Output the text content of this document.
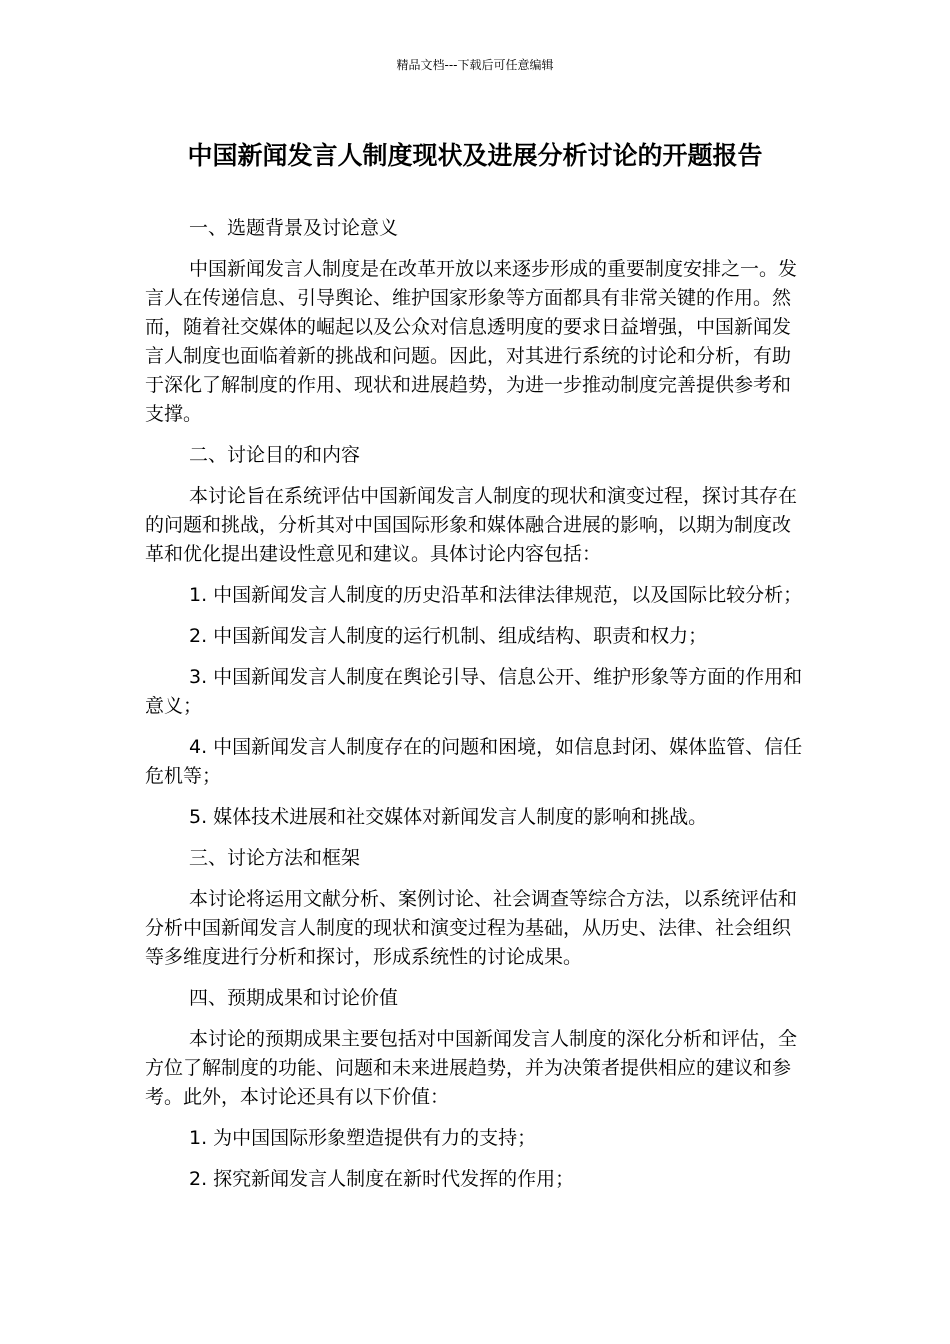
精品文档---下载后可任意编辑
中国新闻发言人制度现状及进展分析讨论的开题报告

一、选题背景及讨论意义

中国新闻发言人制度是在改革开放以来逐步形成的重要制度安排之一。发言人在传递信息、引导舆论、维护国家形象等方面都具有非常关键的作用。然而，随着社交媒体的崛起以及公众对信息透明度的要求日益增强，中国新闻发言人制度也面临着新的挑战和问题。因此，对其进行系统的讨论和分析，有助于深化了解制度的作用、现状和进展趋势，为进一步推动制度完善提供参考和支撑。

二、讨论目的和内容

本讨论旨在系统评估中国新闻发言人制度的现状和演变过程，探讨其存在的问题和挑战，分析其对中国国际形象和媒体融合进展的影响，以期为制度改革和优化提出建设性意见和建议。具体讨论内容包括：

1. 中国新闻发言人制度的历史沿革和法律法律规范，以及国际比较分析；

2. 中国新闻发言人制度的运行机制、组成结构、职责和权力；

3. 中国新闻发言人制度在舆论引导、信息公开、维护形象等方面的作用和意义；

4. 中国新闻发言人制度存在的问题和困境，如信息封闭、媒体监管、信任危机等；

5. 媒体技术进展和社交媒体对新闻发言人制度的影响和挑战。

三、讨论方法和框架

本讨论将运用文献分析、案例讨论、社会调查等综合方法，以系统评估和分析中国新闻发言人制度的现状和演变过程为基础，从历史、法律、社会组织等多维度进行分析和探讨，形成系统性的讨论成果。

四、预期成果和讨论价值

本讨论的预期成果主要包括对中国新闻发言人制度的深化分析和评估，全方位了解制度的功能、问题和未来进展趋势，并为决策者提供相应的建议和参考。此外，本讨论还具有以下价值：

1. 为中国国际形象塑造提供有力的支持；

2. 探究新闻发言人制度在新时代发挥的作用；
